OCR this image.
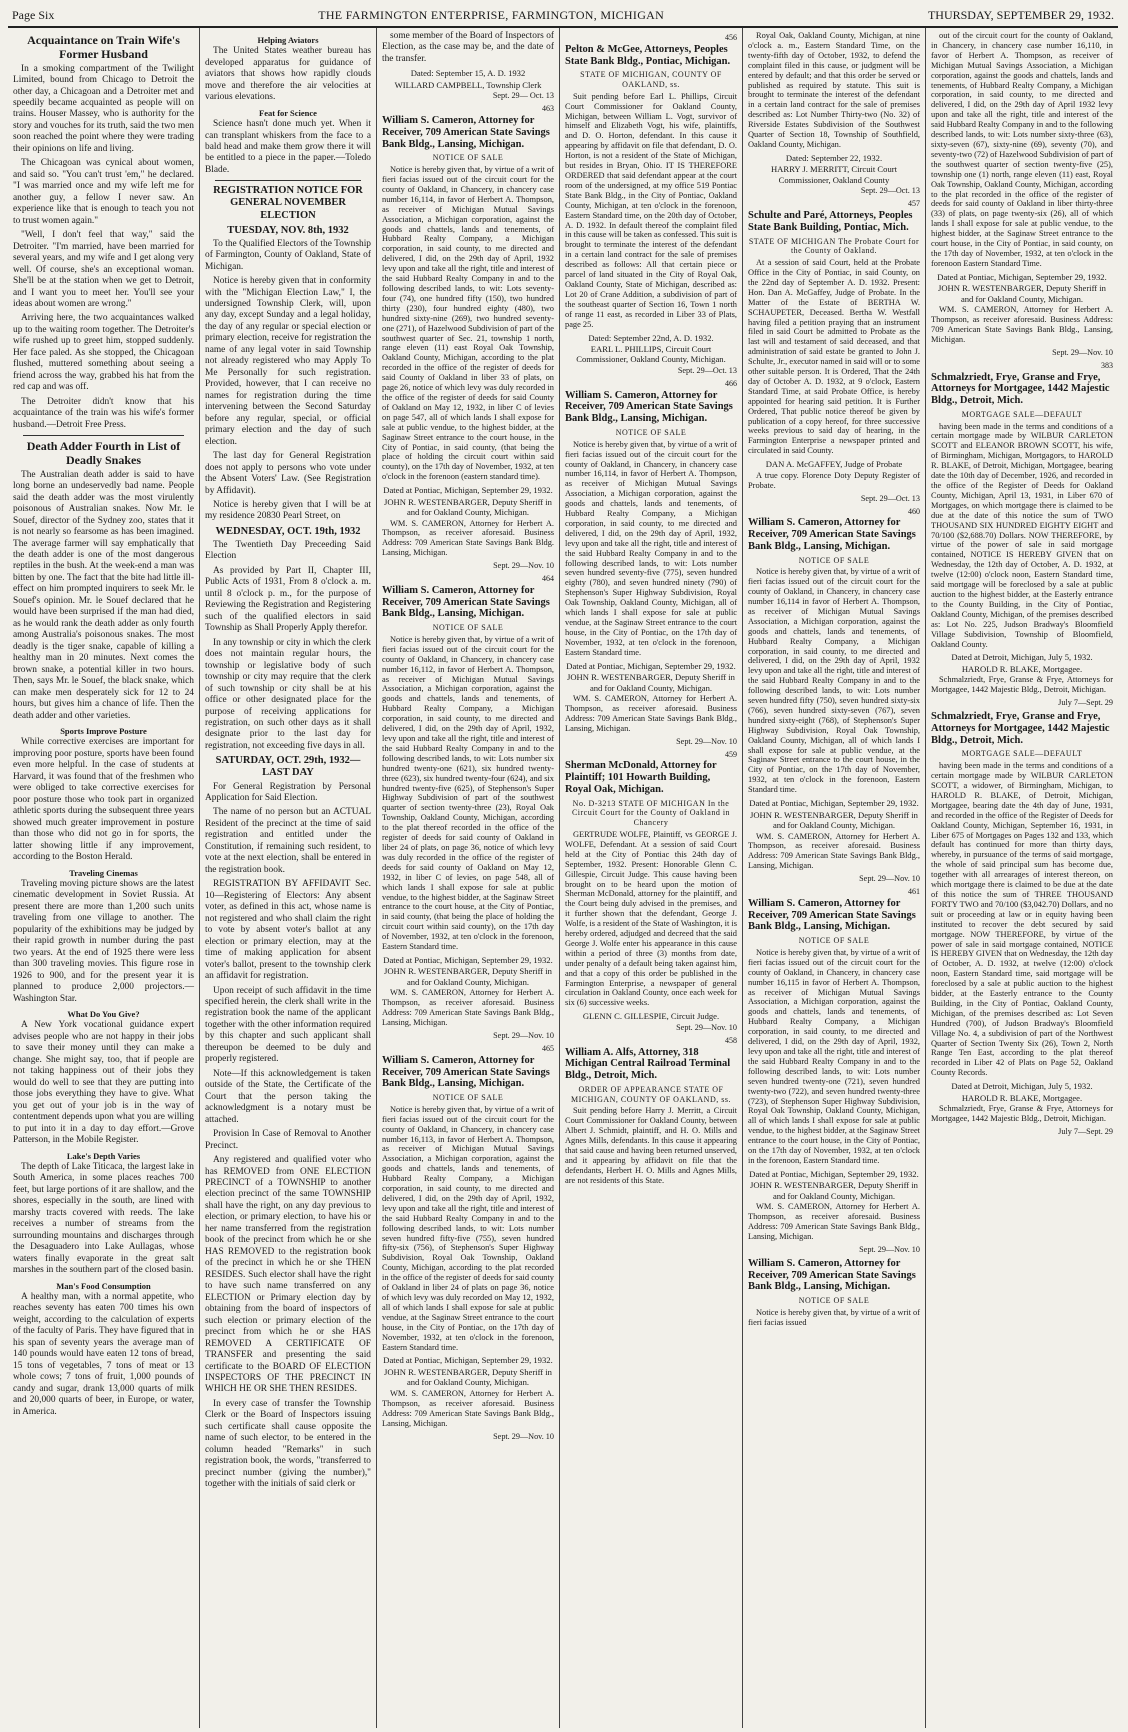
Page Six	THE FARMINGTON ENTERPRISE, FARMINGTON, MICHIGAN	THURSDAY, SEPTEMBER 29, 1932.
Acquaintance on Train Wife's Former Husband

In a smoking compartment of the Twilight Limited, bound from Chicago to Detroit the other day, a Chicagoan and a Detroiter met and speedily became acquainted as people will on trains. Houser Massey, who is authority for the story and vouches for its truth, said the two men soon reached the point where they were trading their opinions on life and living.

The Chicagoan was cynical about women, and said so. "You can't trust 'em," he declared. "I was married once and my wife left me for another guy, a fellow I never saw. An experience like that is enough to teach you not to trust women again."

"Well, I don't feel that way," said the Detroiter. "I'm married, have been married for several years, and my wife and I get along very well. Of course, she's an exceptional woman. She'll be at the station when we get to Detroit, and I want you to meet her. You'll see your ideas about women are wrong."

Arriving here, the two acquaintances walked up to the waiting room together. The Detroiter's wife rushed up to greet him, stopped suddenly. Her face paled. As she stopped, the Chicagoan flushed, muttered something about seeing a friend across the way, grabbed his hat from the red cap and was off.

The Detroiter didn't know that his acquaintance of the train was his wife's former husband.—Detroit Free Press.

Death Adder Fourth in List of Deadly Snakes

The Australian death adder is said to have long borne an undeservedly bad name. People said the death adder was the most virulently poisonous of Australian snakes. Now Mr. le Souef, director of the Sydney zoo, states that it is not nearly so fearsome as has been imagined. The average farmer will say emphatically that the death adder is one of the most dangerous reptiles in the bush. At the week-end a man was bitten by one. The fact that the bite had little ill-effect on him prompted inquirers to seek Mr. le Souef's opinion. Mr. le Souef declared that he would have been surprised if the man had died, as he would rank the death adder as only fourth among Australia's poisonous snakes. The most deadly is the tiger snake, capable of killing a healthy man in 20 minutes. Next comes the brown snake, a potential killer in two hours. Then, says Mr. le Souef, the black snake, which can make men desperately sick for 12 to 24 hours, but gives him a chance of life. Then the death adder and other varieties.

Sports Improve Posture

While corrective exercises are important for improving poor posture, sports have been found even more helpful. In the case of students at Harvard, it was found that of the freshmen who were obliged to take corrective exercises for poor posture those who took part in organized athletic sports during the subsequent three years showed much greater improvement in posture than those who did not go in for sports, the latter showing little if any improvement, according to the Boston Herald.

Traveling Cinemas

Traveling moving picture shows are the latest cinematic development in Soviet Russia. At present there are more than 1,200 such units traveling from one village to another. The popularity of the exhibitions may be judged by their rapid growth in number during the past two years. At the end of 1925 there were less than 300 traveling movies. This figure rose in 1926 to 900, and for the present year it is planned to produce 2,000 projectors.—Washington Star.

What Do You Give?

A New York vocational guidance expert advises people who are not happy in their jobs to save their money until they can make a change. She might say, too, that if people are not taking happiness out of their jobs they would do well to see that they are putting into those jobs everything they have to give. What you get out of your job is in the way of contentment depends upon what you are willing to put into it in a day to day effort.—Grove Patterson, in the Mobile Register.

Lake's Depth Varies

The depth of Lake Titicaca, the largest lake in South America, in some places reaches 700 feet, but large portions of it are shallow, and the shores, especially in the south, are lined with marshy tracts covered with reeds. The lake receives a number of streams from the surrounding mountains and discharges through the Desaguadero into Lake Aullagas, whose waters finally evaporate in the great salt marshes in the southern part of the closed basin.

Man's Food Consumption

A healthy man, with a normal appetite, who reaches seventy has eaten 700 times his own weight, according to the calculation of experts of the faculty of Paris. They have figured that in his span of seventy years the average man of 140 pounds would have eaten 12 tons of bread, 15 tons of vegetables, 7 tons of meat or 13 whole cows; 7 tons of fruit, 1,000 pounds of candy and sugar, drank 13,000 quarts of milk and 20,000 quarts of beer, in Europe, or water, in America.

Helping Aviators

The United States weather bureau has developed apparatus for guidance of aviators that shows how rapidly clouds move and therefore the air velocities at various elevations.

Feat for Science

Science hasn't done much yet. When it can transplant whiskers from the face to a bald head and make them grow there it will be entitled to a piece in the paper.—Toledo Blade.

REGISTRATION NOTICE FOR GENERAL NOVEMBER ELECTION
TUESDAY, NOV. 8th, 1932

To the Qualified Electors of the Township of Farmington, County of Oakland, State of Michigan.

Notice is hereby given that in conformity with the "Michigan Election Law," I, the undersigned Township Clerk, will, upon any day, except Sunday and a legal holiday, the day of any regular or special election or primary election, receive for registration the name of any legal voter in said Township not already registered who may Apply To Me Personally for such registration. Provided, however, that I can receive no names for registration during the time intervening between the Second Saturday before any regular, special, or official primary election and the day of such election.

The last day for General Registration does not apply to persons who vote under the Absent Voters' Law. (See Registration by Affidavit).

Notice is hereby given that I will be at my residence 20830 Pearl Street, on

WEDNESDAY, OCT. 19th, 1932

The Twentieth Day Preceeding Said Election

As provided by Part II, Chapter III, Public Acts of 1931, From 8 o'clock a. m. until 8 o'clock p. m., for the purpose of Reviewing the Registration and Registering such of the qualified electors in said Township as Shall Properly Apply therefor.

In any township or city in which the clerk does not maintain regular hours, the township or legislative body of such township or city may require that the clerk of such township or city shall be at his office or other designated place for the purpose of receiving applications for registration, on such other days as it shall designate prior to the last day for registration, not exceeding five days in all.

SATURDAY, OCT. 29th, 1932— LAST DAY

For General Registration by Personal Application for Said Election.

The name of no person but an ACTUAL Resident of the precinct at the time of said registration and entitled under the Constitution, if remaining such resident, to vote at the next election, shall be entered in the registration book.

REGISTRATION BY AFFIDAVIT Sec. 10—Registering of Electors: Any absent voter, as defined in this act, whose name is not registered and who shall claim the right to vote by absent voter's ballot at any election or primary election, may at the time of making application for absent voter's ballot, present to the township clerk an affidavit for registration.

Upon receipt of such affidavit in the time specified herein, the clerk shall write in the registration book the name of the applicant together with the other information required by this chapter and such applicant shall thereupon be deemed to be duly and properly registered.

Note—If this acknowledgement is taken outside of the State, the Certificate of the Court that the person taking the acknowledgment is a notary must be attached.

Provision In Case of Removal to Another Precinct.

Any registered and qualified voter who has REMOVED from ONE ELECTION PRECINCT of a TOWNSHIP to another election precinct of the same TOWNSHIP shall have the right, on any day previous to election, or primary election, to have his or her name transferred from the registration book of the precinct from which he or she HAS REMOVED to the registration book of the precinct in which he or she THEN RESIDES. Such elector shall have the right to have such name transferred on any ELECTION or Primary election day by obtaining from the board of inspectors of such election or primary election of the precinct from which he or she HAS REMOVED A CERTIFICATE OF TRANSFER and presenting the said certificate to the BOARD OF ELECTION INSPECTORS OF THE PRECINCT IN WHICH HE OR SHE THEN RESIDES.

In every case of transfer the Township Clerk or the Board of Inspectors issuing such certificate shall cause opposite the name of such elector, to be entered in the column headed "Remarks" in such registration book, the words, "transferred to precinct number (giving the number)," together with the initials of said clerk or

some member of the Board of Inspectors of Election, as the case may be, and the date of the transfer.

Dated: September 15, A. D. 1932
WILLARD CAMPBELL, Township Clerk
Sept. 29— Oct. 13
463
William S. Cameron, Attorney for Receiver, 709 American State Savings Bank Bldg., Lansing, Michigan.
NOTICE OF SALE

Notice is hereby given that, by virtue of a writ of fieri facias issued out of the circuit court for the county of Oakland, in Chancery, in chancery case number 16,114, in favor of Herbert A. Thompson, as receiver of Michigan Mutual Savings Association, a Michigan corporation, against the goods and chattels, lands and tenements, of Hubbard Realty Company, a Michigan corporation, in said county, to me directed and delivered, I did, on the 29th day of April, 1932 levy upon and take all the right, title and interest of the said Hubbard Realty Company in and to the following described lands, to wit: Lots seventy-four (74), one hundred fifty (150), two hundred thirty (230), four hundred eighty (480), two hundred sixty-nine (269), two hundred seventy-one (271), of Hazelwood Subdivision of part of the southwest quarter of Sec. 21, township 1 north, range eleven (11) east Royal Oak Township, Oakland County, Michigan, according to the plat recorded in the office of the register of deeds for said County of Oakland in liber 33 of plats, on page 26, notice of which levy was duly recorded in the office of the register of deeds for said County of Oakland on May 12, 1932, in liber C of levies on page 547, all of which lands I shall expose for sale at public vendue, to the highest bidder, at the Saginaw Street entrance to the court house, in the City of Pontiac, in said county, (that being the place of holding the circuit court within said county), on the 17th day of November, 1932, at ten o'clock in the forenoon (eastern standard time).

Dated at Pontiac, Michigan, September 29, 1932.
JOHN R. WESTENBARGER, Deputy Sheriff in and for Oakland County, Michigan.

WM. S. CAMERON, Attorney for Herbert A. Thompson, as receiver aforesaid. Business Address: 709 American State Savings Bank Bldg. Lansing, Michigan.

Sept. 29—Nov. 10
464
William S. Cameron, Attorney for Receiver, 709 American State Savings Bank Bldg., Lansing, Michigan.
NOTICE OF SALE

Notice is hereby given that, by virtue of a writ of fieri facias issued out of the circuit court for the county of Oakland, in Chancery, in chancery case number 16,112, in favor of Herbert A. Thompson, as receiver of Michigan Mutual Savings Association, a Michigan corporation, against the goods and chattels, lands and tenements, of Hubbard Realty Company, a Michigan corporation, in said county, to me directed and delivered, I did, on the 29th day of April, 1932, levy upon and take all the right, title and interest of the said Hubbard Realty Company in and to the following described lands, to wit: Lots number six hundred twenty-one (621), six hundred twenty-three (623), six hundred twenty-four (624), and six hundred twenty-five (625), of Stephenson's Super Highway Subdivision of part of the southwest quarter of section twenty-three (23), Royal Oak Township, Oakland County, Michigan, according to the plat thereof recorded in the office of the register of deeds for said county of Oakland in liber 24 of plats, on page 36, notice of which levy was duly recorded in the office of the register of deeds for said county of Oakland on May 12, 1932, in liber C of levies, on page 548, all of which lands I shall expose for sale at public vendue, to the highest bidder, at the Saginaw Street entrance to the court house, at the City of Pontiac, in said county, (that being the place of holding the circuit court within said county), on the 17th day of November, 1932, at ten o'clock in the forenoon, Eastern Standard time.

Dated at Pontiac, Michigan, September 29, 1932.
JOHN R. WESTENBARGER, Deputy Sheriff in and for Oakland County, Michigan.

WM. S. CAMERON, Attorney for Herbert A. Thompson, as receiver aforesaid. Business Address: 709 American State Savings Bank Bldg., Lansing, Michigan.

Sept. 29—Nov. 10
465
William S. Cameron, Attorney for Receiver, 709 American State Savings Bank Bldg., Lansing, Michigan.
NOTICE OF SALE

Notice is hereby given that, by virtue of a writ of fieri facias issued out of the circuit court for the county of Oakland, in Chancery, in chancery case number 16,113, in favor of Herbert A. Thompson, as receiver of Michigan Mutual Savings Association, a Michigan corporation, against the goods and chattels, lands and tenements, of Hubbard Realty Company, a Michigan corporation, in said county, to me directed and delivered, I did, on the 29th day of April, 1932, levy upon and take all the right, title and interest of the said Hubbard Realty Company in and to the following described lands, to wit: Lots number seven hundred fifty-five (755), seven hundred fifty-six (756), of Stephenson's Super Highway Subdivision, Royal Oak Township, Oakland County, Michigan, according to the plat recorded in the office of the register of deeds for said county of Oakland in liber 24 of plats on page 36, notice of which levy was duly recorded on May 12, 1932, all of which lands I shall expose for sale at public vendue, at the Saginaw Street entrance to the court house, in the City of Pontiac, on the 17th day of November, 1932, at ten o'clock in the forenoon, Eastern Standard time.

Dated at Pontiac, Michigan, September 29, 1932.
JOHN R. WESTENBARGER, Deputy Sheriff in and for Oakland County, Michigan.

WM. S. CAMERON, Attorney for Herbert A. Thompson, as receiver aforesaid. Business Address: 709 American State Savings Bank Bldg., Lansing, Michigan.

Sept. 29—Nov. 10
456
Pelton & McGee, Attorneys, Peoples State Bank Bldg., Pontiac, Michigan.
STATE OF MICHIGAN, COUNTY OF OAKLAND, ss.

Suit pending before Earl L. Phillips, Circuit Court Commissioner for Oakland County, Michigan, between William L. Vogt, survivor of himself and Elizabeth Vogt, his wife, plaintiffs, and D. O. Horton, defendant. In this cause it appearing by affidavit on file that defendant, D. O. Horton, is not a resident of the State of Michigan, but resides in Bryan, Ohio. IT IS THEREFORE ORDERED that said defendant appear at the court room of the undersigned, at my office 519 Pontiac State Bank Bldg., in the City of Pontiac, Oakland County, Michigan, at ten o'clock in the forenoon, Eastern Standard time, on the 20th day of October, A. D. 1932. In default thereof the complaint filed in this cause will be taken as confessed. This suit is brought to terminate the interest of the defendant in a certain land contract for the sale of premises described as follows: All that certain piece or parcel of land situated in the City of Royal Oak, Oakland County, State of Michigan, described as: Lot 20 of Crane Addition, a subdivision of part of the southeast quarter of Section 16, Town 1 north of range 11 east, as recorded in Liber 33 of Plats, page 25.

Dated: September 22nd, A. D. 1932.
EARL L. PHILLIPS, Circuit Court Commissioner, Oakland County, Michigan.
Sept. 29—Oct. 13
466
William S. Cameron, Attorney for Receiver, 709 American State Savings Bank Bldg., Lansing, Michigan.
NOTICE OF SALE

Notice is hereby given that, by virtue of a writ of fieri facias issued out of the circuit court for the county of Oakland, in Chancery, in chancery case number 16,114, in favor of Herbert A. Thompson, as receiver of Michigan Mutual Savings Association, a Michigan corporation, against the goods and chattels, lands and tenements, of Hubbard Realty Company, a Michigan corporation, in said county, to me directed and delivered, I did, on the 29th day of April, 1932, levy upon and take all the right, title and interest of the said Hubbard Realty Company in and to the following described lands, to wit: Lots number seven hundred seventy-five (775), seven hundred eighty (780), and seven hundred ninety (790) of Stephenson's Super Highway Subdivision, Royal Oak Township, Oakland County, Michigan, all of which lands I shall expose for sale at public vendue, at the Saginaw Street entrance to the court house, in the City of Pontiac, on the 17th day of November, 1932, at ten o'clock in the forenoon, Eastern Standard time.

Dated at Pontiac, Michigan, September 29, 1932.
JOHN R. WESTENBARGER, Deputy Sheriff in and for Oakland County, Michigan.

WM. S. CAMERON, Attorney for Herbert A. Thompson, as receiver aforesaid. Business Address: 709 American State Savings Bank Bldg., Lansing, Michigan.

Sept. 29—Nov. 10
459
Sherman McDonald, Attorney for Plaintiff; 101 Howarth Building, Royal Oak, Michigan.
No. D-3213 STATE OF MICHIGAN In the Circuit Court for the County of Oakland in Chancery

GERTRUDE WOLFE, Plaintiff, vs GEORGE J. WOLFE, Defendant. At a session of said Court held at the City of Pontiac this 24th day of September, 1932. Present: Honorable Glenn C. Gillespie, Circuit Judge. This cause having been brought on to be heard upon the motion of Sherman McDonald, attorney for the plaintiff, and the Court being duly advised in the premises, and it further shown that the defendant, George J. Wolfe, is a resident of the State of Washington, it is hereby ordered, adjudged and decreed that the said George J. Wolfe enter his appearance in this cause within a period of three (3) months from date, under penalty of a default being taken against him, and that a copy of this order be published in the Farmington Enterprise, a newspaper of general circulation in Oakland County, once each week for six (6) successive weeks.

GLENN C. GILLESPIE, Circuit Judge.
Sept. 29—Nov. 10
458
William A. Alfs, Attorney, 318 Michigan Central Railroad Terminal Bldg., Detroit, Mich.
ORDER OF APPEARANCE STATE OF MICHIGAN, COUNTY OF OAKLAND, ss.

Suit pending before Harry J. Merritt, a Circuit Court Commissioner for Oakland County, between Albert J. Schmidt, plaintiff, and H. O. Mills and Agnes Mills, defendants. In this cause it appearing that said cause and having been returned unserved, and it appearing by affidavit on file that the defendants, Herbert H. O. Mills and Agnes Mills, are not residents of this State.

Royal Oak, Oakland County, Michigan, at nine o'clock a. m., Eastern Standard Time, on the twenty-fifth day of October, 1932, to defend the complaint filed in this cause, or judgment will be entered by default; and that this order be served or published as required by statute. This suit is brought to terminate the interest of the defendant in a certain land contract for the sale of premises described as: Lot Number Thirty-two (No. 32) of Riverside Estates Subdivision of the Southwest Quarter of Section 18, Township of Southfield, Oakland County, Michigan.

Dated: September 22, 1932.
HARRY J. MERRITT, Circuit Court Commissioner, Oakland County
Sept. 29—Oct. 13
457
Schulte and Paré, Attorneys, Peoples State Bank Building, Pontiac, Mich.
STATE OF MICHIGAN The Probate Court for the County of Oakland.

At a session of said Court, held at the Probate Office in the City of Pontiac, in said County, on the 22nd day of September A. D. 1932. Present: Hon. Dan A. McGaffey, Judge of Probate. In the Matter of the Estate of BERTHA W. SCHAUPETER, Deceased. Bertha W. Westfall having filed a petition praying that an instrument filed in said Court be admitted to Probate as the last will and testament of said deceased, and that administration of said estate be granted to John J. Schulte, Jr., executor named in said will or to some other suitable person. It is Ordered, That the 24th day of October A. D. 1932, at 9 o'clock, Eastern Standard Time, at said Probate Office, is hereby appointed for hearing said petition. It is Further Ordered, That public notice thereof be given by publication of a copy hereof, for three successive weeks previous to said day of hearing, in the Farmington Enterprise a newspaper printed and circulated in said County.

DAN A. McGAFFEY, Judge of Probate

A true copy. Florence Doty Deputy Register of Probate.

Sept. 29—Oct. 13
460
William S. Cameron, Attorney for Receiver, 709 American State Savings Bank Bldg., Lansing, Michigan.
NOTICE OF SALE

Notice is hereby given that, by virtue of a writ of fieri facias issued out of the circuit court for the county of Oakland, in Chancery, in chancery case number 16,114 in favor of Herbert A. Thompson, as receiver of Michigan Mutual Savings Association, a Michigan corporation, against the goods and chattels, lands and tenements, of Hubbard Realty Company, a Michigan corporation, in said county, to me directed and delivered, I did, on the 29th day of April, 1932 levy upon and take all the right, title and interest of the said Hubbard Realty Company in and to the following described lands, to wit: Lots number seven hundred fifty (750), seven hundred sixty-six (766), seven hundred sixty-seven (767), seven hundred sixty-eight (768), of Stephenson's Super Highway Subdivision, Royal Oak Township, Oakland County, Michigan, all of which lands I shall expose for sale at public vendue, at the Saginaw Street entrance to the court house, in the City of Pontiac, on the 17th day of November, 1932, at ten o'clock in the forenoon, Eastern Standard time.

Dated at Pontiac, Michigan, September 29, 1932.
JOHN R. WESTENBARGER, Deputy Sheriff in and for Oakland County, Michigan.

WM. S. CAMERON, Attorney for Herbert A. Thompson, as receiver aforesaid. Business Address: 709 American State Savings Bank Bldg., Lansing, Michigan.

Sept. 29—Nov. 10
461
William S. Cameron, Attorney for Receiver, 709 American State Savings Bank Bldg., Lansing, Michigan.
NOTICE OF SALE

Notice is hereby given that, by virtue of a writ of fieri facias issued out of the circuit court for the county of Oakland, in Chancery, in chancery case number 16,115 in favor of Herbert A. Thompson, as receiver of Michigan Mutual Savings Association, a Michigan corporation, against the goods and chattels, lands and tenements, of Hubbard Realty Company, a Michigan corporation, in said county, to me directed and delivered, I did, on the 29th day of April, 1932, levy upon and take all the right, title and interest of the said Hubbard Realty Company in and to the following described lands, to wit: Lots number seven hundred twenty-one (721), seven hundred twenty-two (722), and seven hundred twenty-three (723), of Stephenson Super Highway Subdivision, Royal Oak Township, Oakland County, Michigan, all of which lands I shall expose for sale at public vendue, to the highest bidder, at the Saginaw Street entrance to the court house, in the City of Pontiac, on the 17th day of November, 1932, at ten o'clock in the forenoon, Eastern Standard time.

Dated at Pontiac, Michigan, September 29, 1932.
JOHN R. WESTENBARGER, Deputy Sheriff in and for Oakland County, Michigan.

WM. S. CAMERON, Attorney for Herbert A. Thompson, as receiver aforesaid. Business Address: 709 American State Savings Bank Bldg., Lansing, Michigan.

Sept. 29—Nov. 10
William S. Cameron, Attorney for Receiver, 709 American State Savings Bank Bldg., Lansing, Michigan.
NOTICE OF SALE

Notice is hereby given that, by virtue of a writ of fieri facias issued

out of the circuit court for the county of Oakland, in Chancery, in chancery case number 16,110, in favor of Herbert A. Thompson, as receiver of Michigan Mutual Savings Association, a Michigan corporation, against the goods and chattels, lands and tenements, of Hubbard Realty Company, a Michigan corporation, in said county, to me directed and delivered, I did, on the 29th day of April 1932 levy upon and take all the right, title and interest of the said Hubbard Realty Company in and to the following described lands, to wit: Lots number sixty-three (63), sixty-seven (67), sixty-nine (69), seventy (70), and seventy-two (72) of Hazelwood Subdivision of part of the southwest quarter of section twenty-five (25), township one (1) north, range eleven (11) east, Royal Oak Township, Oakland County, Michigan, according to the plat recorded in the office of the register of deeds for said county of Oakland in liber thirty-three (33) of plats, on page twenty-six (26), all of which lands I shall expose for sale at public vendue, to the highest bidder, at the Saginaw Street entrance to the court house, in the City of Pontiac, in said county, on the 17th day of November, 1932, at ten o'clock in the forenoon Eastern Standard Time.

Dated at Pontiac, Michigan, September 29, 1932.
JOHN R. WESTENBARGER, Deputy Sheriff in and for Oakland County, Michigan.

WM. S. CAMERON, Attorney for Herbert A. Thompson, as receiver aforesaid. Business Address: 709 American State Savings Bank Bldg., Lansing, Michigan.

Sept. 29—Nov. 10
383
Schmalzriedt, Frye, Granse and Frye, Attorneys for Mortgagee, 1442 Majestic Bldg., Detroit, Mich.
MORTGAGE SALE—DEFAULT

having been made in the terms and conditions of a certain mortgage made by WILBUR CARLETON SCOTT and ELEANOR BROWN SCOTT, his wife, of Birmingham, Michigan, Mortgagors, to HAROLD R. BLAKE, of Detroit, Michigan, Mortgagee, bearing date the 10th day of December, 1926, and recorded in the office of the Register of Deeds for Oakland County, Michigan, April 13, 1931, in Liber 670 of Mortgages, on which mortgage there is claimed to be due at the date of this notice the sum of TWO THOUSAND SIX HUNDRED EIGHTY EIGHT and 70/100 ($2,688.70) Dollars. NOW THEREFORE, by virtue of the power of sale in said mortgage contained, NOTICE IS HEREBY GIVEN that on Wednesday, the 12th day of October, A. D. 1932, at twelve (12:00) o'clock noon, Eastern Standard time, said mortgage will be foreclosed by a sale at public auction to the highest bidder, at the Easterly entrance to the County Building, in the City of Pontiac, Oakland County, Michigan, of the premises described as: Lot No. 225, Judson Bradway's Bloomfield Village Subdivision, Township of Bloomfield, Oakland County.

Dated at Detroit, Michigan, July 5, 1932.
HAROLD R. BLAKE, Mortgagee.

Schmalzriedt, Frye, Granse & Frye, Attorneys for Mortgagee, 1442 Majestic Bldg., Detroit, Michigan.

July 7—Sept. 29
Schmalzriedt, Frye, Granse and Frye, Attorneys for Mortgagee, 1442 Majestic Bldg., Detroit, Mich.
MORTGAGE SALE—DEFAULT

having been made in the terms and conditions of a certain mortgage made by WILBUR CARLETON SCOTT, a widower, of Birmingham, Michigan, to HAROLD R. BLAKE, of Detroit, Michigan, Mortgagee, bearing date the 4th day of June, 1931, and recorded in the office of the Register of Deeds for Oakland County, Michigan, September 16, 1931, in Liber 675 of Mortgages on Pages 132 and 133, which default has continued for more than thirty days, whereby, in pursuance of the terms of said mortgage, the whole of said principal sum has become due, together with all arrearages of interest thereon, on which mortgage there is claimed to be due at the date of this notice the sum of THREE THOUSAND FORTY TWO and 70/100 ($3,042.70) Dollars, and no suit or proceeding at law or in equity having been instituted to recover the debt secured by said mortgage. NOW THEREFORE, by virtue of the power of sale in said mortgage contained, NOTICE IS HEREBY GIVEN that on Wednesday, the 12th day of October, A. D. 1932, at twelve (12:00) o'clock noon, Eastern Standard time, said mortgage will be foreclosed by a sale at public auction to the highest bidder, at the Easterly entrance to the County Building, in the City of Pontiac, Oakland County, Michigan, of the premises described as: Lot Seven Hundred (700), of Judson Bradway's Bloomfield Village No. 4, a subdivision of part of the Northwest Quarter of Section Twenty Six (26), Town 2, North Range Ten East, according to the plat thereof recorded in Liber 42 of Plats on Page 52, Oakland County Records.

Dated at Detroit, Michigan, July 5, 1932.
HAROLD R. BLAKE, Mortgagee.

Schmalzriedt, Frye, Granse & Frye, Attorneys for Mortgagee, 1442 Majestic Bldg., Detroit, Michigan.

July 7—Sept. 29
